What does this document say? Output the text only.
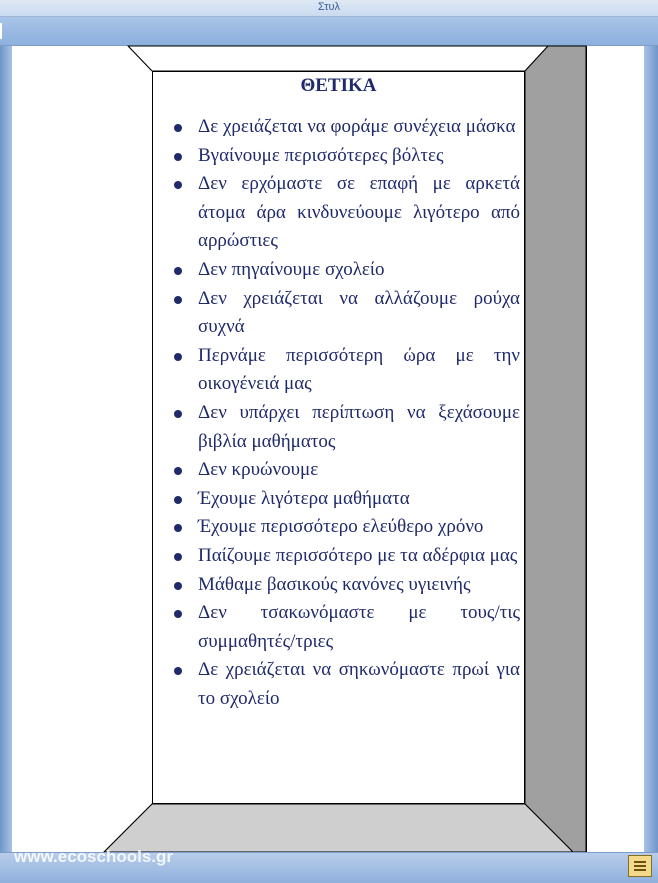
Στυλ
ΘΕΤΙΚΑ
Δε χρειάζεται να φοράμε συνέχεια μάσκα
Βγαίνουμε περισσότερες βόλτες
Δεν ερχόμαστε σε επαφή με αρκετά άτομα άρα κινδυνεύουμε λιγότερο από αρρώστιες
Δεν πηγαίνουμε σχολείο
Δεν χρειάζεται να αλλάζουμε ρούχα συχνά
Περνάμε περισσότερη ώρα με την οικογένειά μας
Δεν υπάρχει περίπτωση να ξεχάσουμε βιβλία μαθήματος
Δεν κρυώνουμε
Έχουμε λιγότερα μαθήματα
Έχουμε περισσότερο ελεύθερο χρόνο
Παίζουμε περισσότερο με τα αδέρφια μας
Μάθαμε βασικούς κανόνες υγιεινής
Δεν τσακωνόμαστε με τους/τις συμμαθητές/τριες
Δε χρειάζεται να σηκωνόμαστε πρωί για το σχολείο
www.ecoschools.gr
